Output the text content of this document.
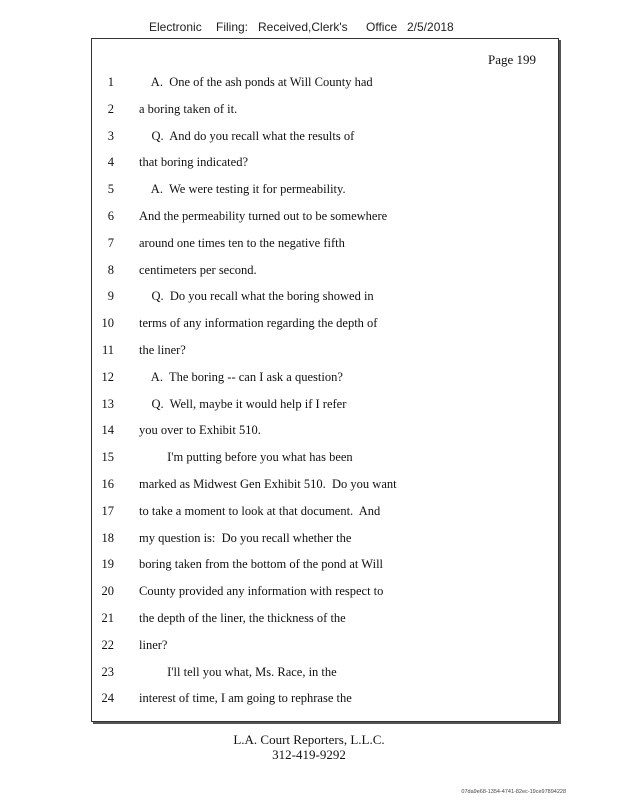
Electronic Filing: Received,Clerk's Office 2/5/2018
Page 199
1 A.  One of the ash ponds at Will County had
2 a boring taken of it.
3 Q.  And do you recall what the results of
4 that boring indicated?
5 A.  We were testing it for permeability.
6 And the permeability turned out to be somewhere
7 around one times ten to the negative fifth
8 centimeters per second.
9 Q.  Do you recall what the boring showed in
10 terms of any information regarding the depth of
11 the liner?
12 A.  The boring -- can I ask a question?
13 Q.  Well, maybe it would help if I refer
14 you over to Exhibit 510.
15 I'm putting before you what has been
16 marked as Midwest Gen Exhibit 510.  Do you want
17 to take a moment to look at that document.  And
18 my question is:  Do you recall whether the
19 boring taken from the bottom of the pond at Will
20 County provided any information with respect to
21 the depth of the liner, the thickness of the
22 liner?
23 I'll tell you what, Ms. Race, in the
24 interest of time, I am going to rephrase the
L.A. Court Reporters, L.L.C.
312-419-9292
07da9e68-1354-4741-82ec-19ce97894228
